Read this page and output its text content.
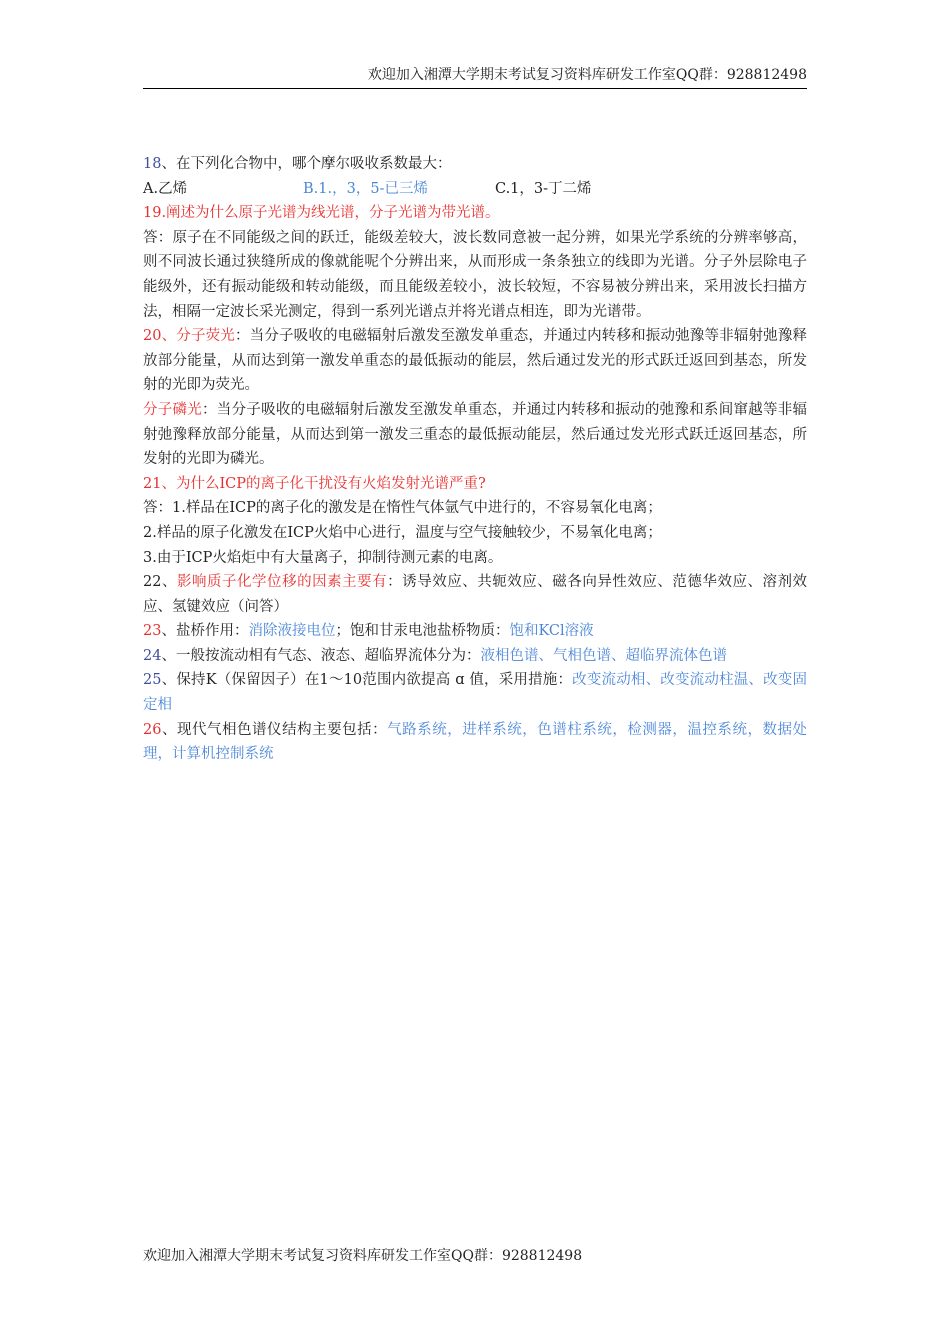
欢迎加入湘潭大学期末考试复习资料库研发工作室QQ群：928812498

18、在下列化合物中，哪个摩尔吸收系数最大：

A.乙烯	B.1.，3，5-已三烯	C.1，3-丁二烯

19.阐述为什么原子光谱为线光谱，分子光谱为带光谱。

答：原子在不同能级之间的跃迁，能级差较大，波长数同意被一起分辨，如果光学系统的分辨率够高，则不同波长通过狭缝所成的像就能呢个分辨出来，从而形成一条条独立的线即为光谱。分子外层除电子能级外，还有振动能级和转动能级，而且能级差较小，波长较短，不容易被分辨出来，采用波长扫描方法，相隔一定波长采光测定，得到一系列光谱点并将光谱点相连，即为光谱带。

20、分子荧光：当分子吸收的电磁辐射后激发至激发单重态，并通过内转移和振动弛豫等非辐射弛豫释放部分能量，从而达到第一激发单重态的最低振动的能层，然后通过发光的形式跃迁返回到基态，所发射的光即为荧光。

分子磷光：当分子吸收的电磁辐射后激发至激发单重态，并通过内转移和振动的弛豫和系间窜越等非辐射弛豫释放部分能量，从而达到第一激发三重态的最低振动能层，然后通过发光形式跃迁返回基态，所发射的光即为磷光。

21、为什么ICP的离子化干扰没有火焰发射光谱严重?

答：1.样品在ICP的离子化的激发是在惰性气体氩气中进行的，不容易氧化电离；

2.样品的原子化激发在ICP火焰中心进行，温度与空气接触较少，不易氧化电离；

3.由于ICP火焰炬中有大量离子，抑制待测元素的电离。

22、影响质子化学位移的因素主要有：诱导效应、共轭效应、磁各向异性效应、范德华效应、溶剂效应、氢键效应（问答）

23、盐桥作用：消除液接电位；饱和甘汞电池盐桥物质：饱和KCl溶液

24、一般按流动相有气态、液态、超临界流体分为：液相色谱、气相色谱、超临界流体色谱

25、保持K（保留因子）在1～10范围内欲提高 ɑ 值，采用措施：改变流动相、改变流动柱温、改变固定相

26、现代气相色谱仪结构主要包括：气路系统，进样系统，色谱柱系统，检测器，温控系统，数据处理，计算机控制系统

欢迎加入湘潭大学期末考试复习资料库研发工作室QQ群：928812498
